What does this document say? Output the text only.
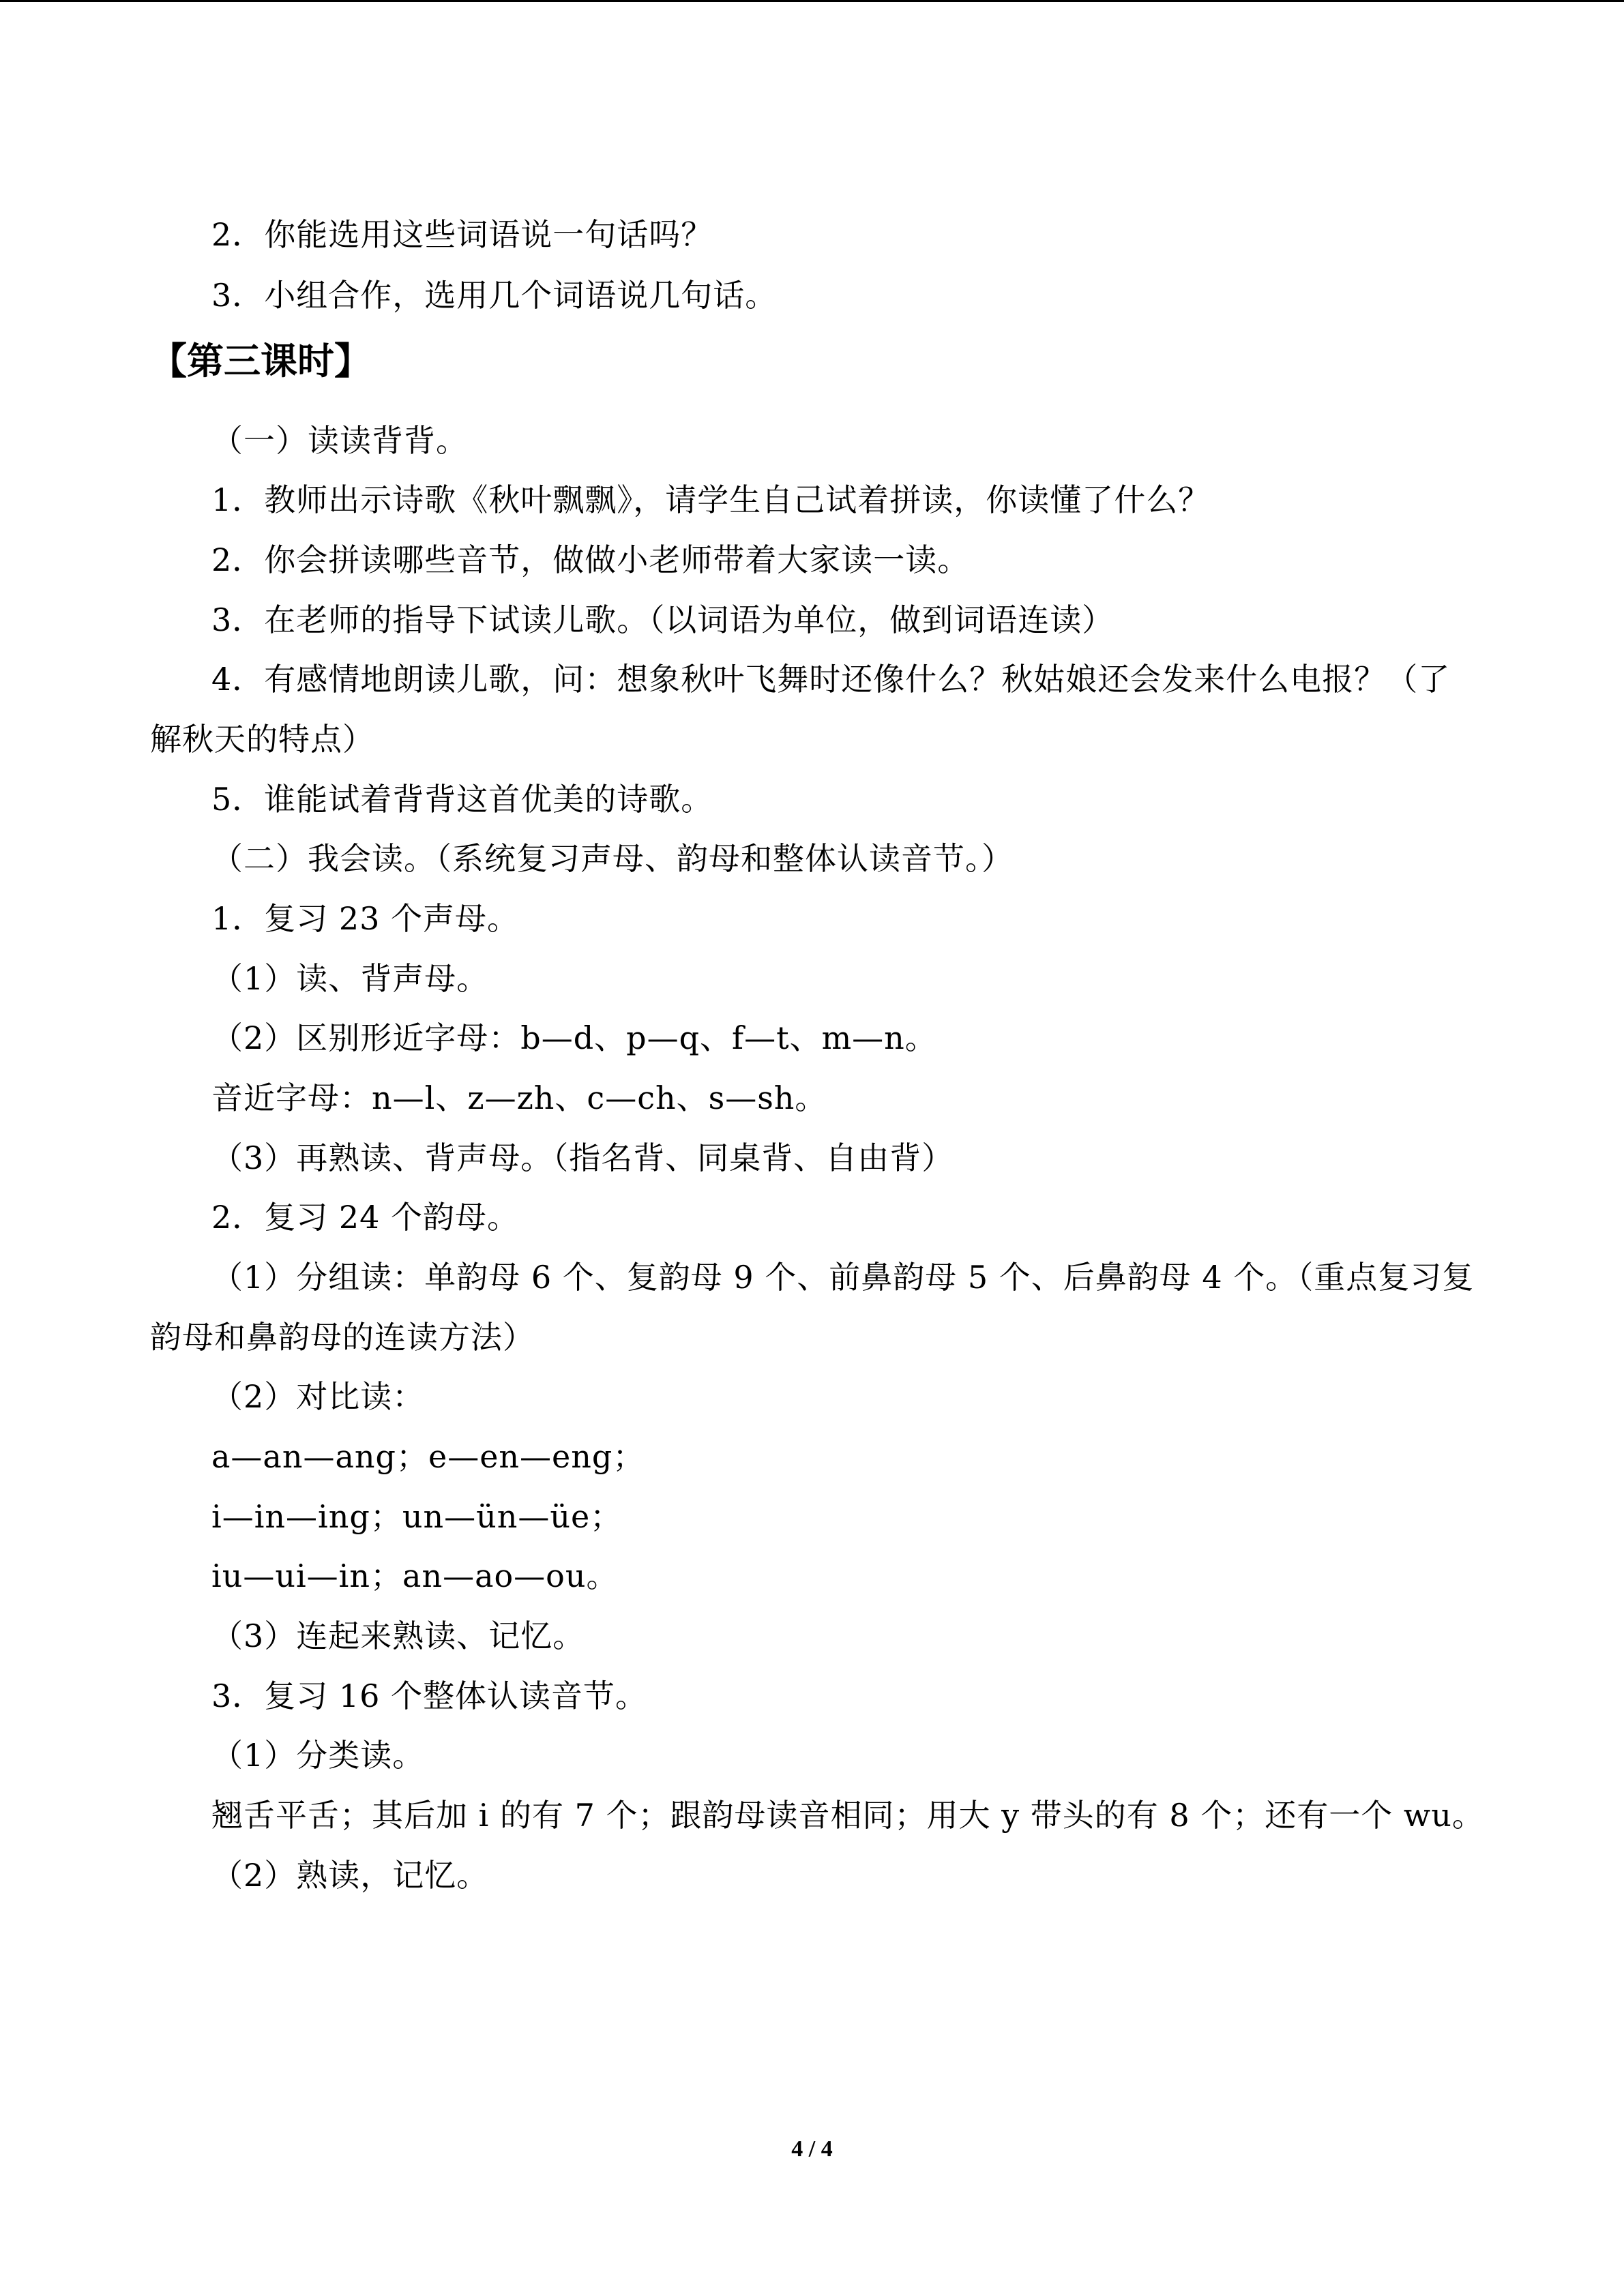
2．你能选用这些词语说一句话吗？
3．小组合作，选用几个词语说几句话。
【第三课时】
（一）读读背背。
1．教师出示诗歌《秋叶飘飘》，请学生自己试着拼读，你读懂了什么？
2．你会拼读哪些音节，做做小老师带着大家读一读。
3．在老师的指导下试读儿歌。（以词语为单位，做到词语连读）
4．有感情地朗读儿歌，问：想象秋叶飞舞时还像什么？秋姑娘还会发来什么电报？（了
解秋天的特点）
5．谁能试着背背这首优美的诗歌。
（二）我会读。（系统复习声母、韵母和整体认读音节。）
1．复习 23 个声母。
（1）读、背声母。
（2）区别形近字母：b—d、p—q、f—t、m—n。
音近字母：n—l、z—zh、c—ch、s—sh。
（3）再熟读、背声母。（指名背、同桌背、自由背）
2．复习 24 个韵母。
（1）分组读：单韵母 6 个、复韵母 9 个、前鼻韵母 5 个、后鼻韵母 4 个。（重点复习复
韵母和鼻韵母的连读方法）
（2）对比读：
a—an—ang；e—en—eng；
i—in—ing；un—ün—üe；
iu—ui—in；an—ao—ou。
（3）连起来熟读、记忆。
3．复习 16 个整体认读音节。
（1）分类读。
翘舌平舌；其后加 i 的有 7 个；跟韵母读音相同；用大 y 带头的有 8 个；还有一个 wu。
（2）熟读，记忆。
4 / 4
